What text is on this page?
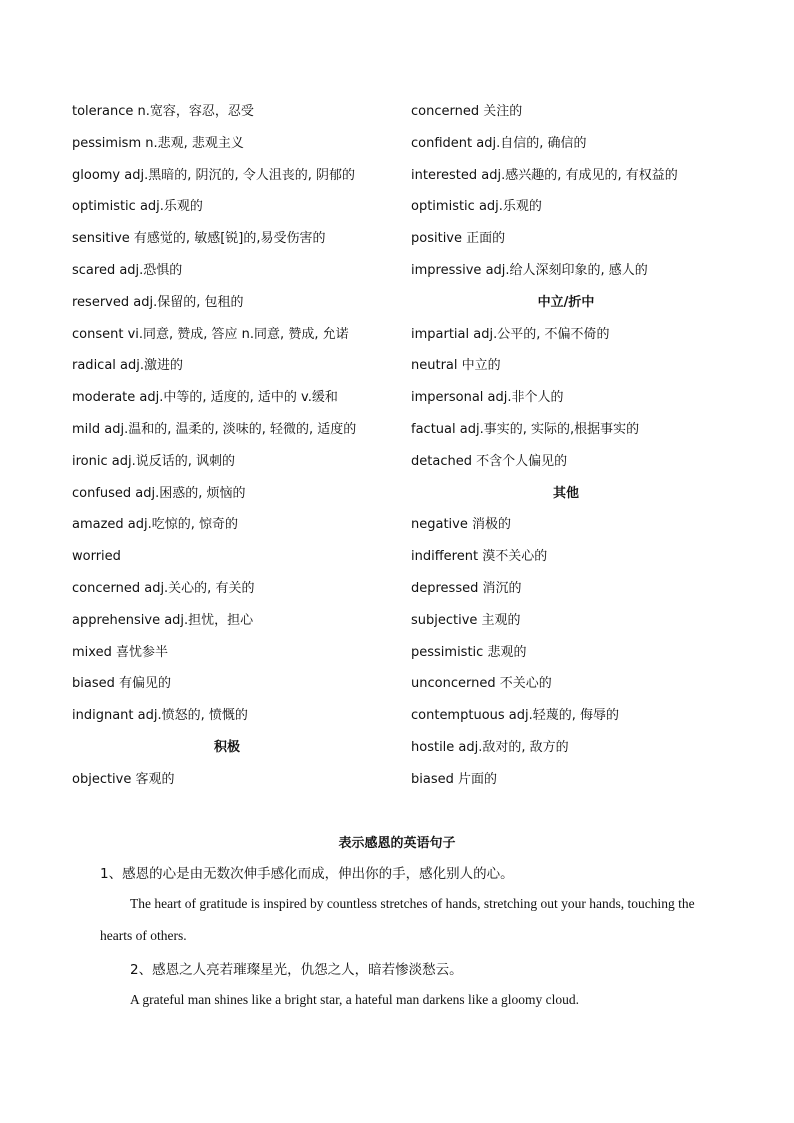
tolerance n.宽容，容忍，忍受
pessimism n.悲观, 悲观主义
gloomy adj.黑暗的, 阴沉的, 令人沮丧的, 阴郁的
optimistic adj.乐观的
sensitive 有感觉的, 敏感[锐]的,易受伤害的
scared adj.恐惧的
reserved adj.保留的, 包租的
consent vi.同意, 赞成, 答应 n.同意, 赞成, 允诺
radical adj.激进的
moderate adj.中等的, 适度的, 适中的 v.缓和
mild adj.温和的, 温柔的, 淡味的, 轻微的, 适度的
ironic adj.说反话的, 讽刺的
confused adj.困惑的, 烦恼的
amazed adj.吃惊的, 惊奇的
worried
concerned adj.关心的, 有关的
apprehensive adj.担忧，担心
mixed 喜忧参半
biased 有偏见的
indignant adj.愤怒的, 愤慨的
积极
objective 客观的
concerned 关注的
confident adj.自信的, 确信的
interested adj.感兴趣的, 有成见的, 有权益的
optimistic adj.乐观的
positive 正面的
impressive adj.给人深刻印象的, 感人的
中立/折中
impartial adj.公平的, 不偏不倚的
neutral 中立的
impersonal adj.非个人的
factual adj.事实的, 实际的,根据事实的
detached 不含个人偏见的
其他
negative 消极的
indifferent 漠不关心的
depressed 消沉的
subjective 主观的
pessimistic 悲观的
unconcerned 不关心的
contemptuous adj.轻蔑的, 侮辱的
hostile adj.敌对的, 敌方的
biased 片面的
表示感恩的英语句子
1、感恩的心是由无数次伸手感化而成，伸出你的手，感化别人的心。
The heart of gratitude is inspired by countless stretches of hands, stretching out your hands, touching the
hearts of others.
2、感恩之人亮若璀璨星光，仇怨之人，暗若惨淡愁云。
A grateful man shines like a bright star, a hateful man darkens like a gloomy cloud.
